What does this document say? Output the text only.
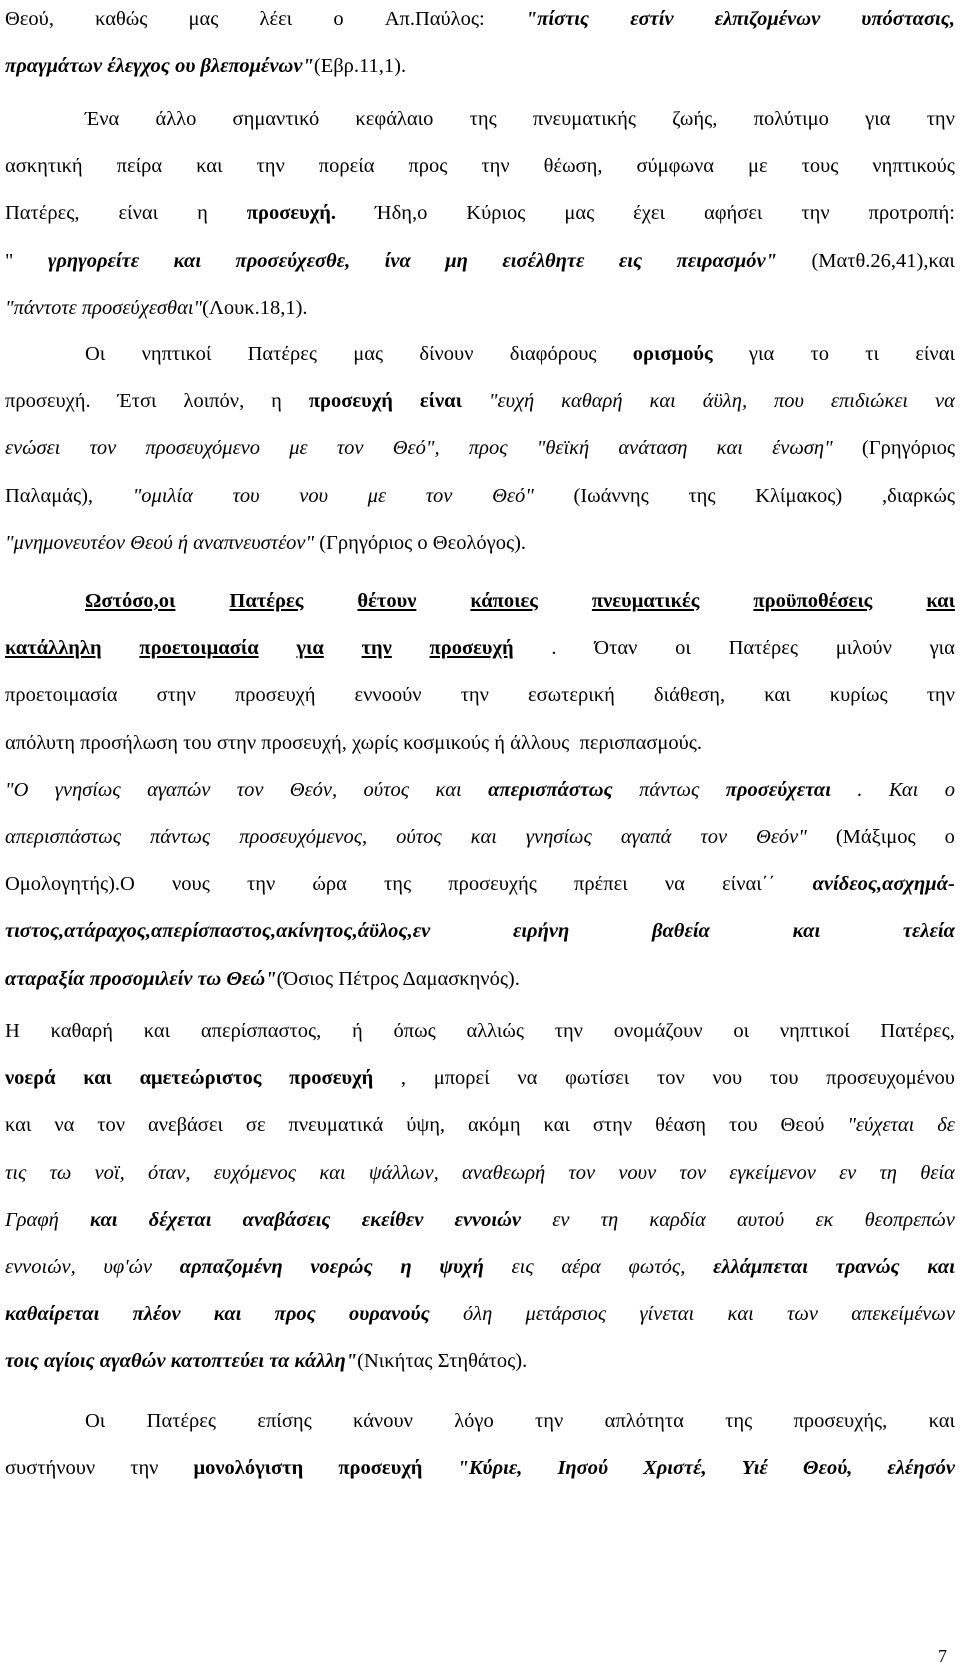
Θεού, καθώς μας λέει ο Απ.Παύλος: "πίστις εστίν ελπιζομένων υπόστασις,
πραγμάτων έλεγχος ου βλεπομένων" (Εβρ.11,1).
Ένα άλλο σημαντικό κεφάλαιο της πνευματικής ζωής, πολύτιμο για την
ασκητική πείρα και την πορεία προς την θέωση, σύμφωνα με τους νηπτικούς
Πατέρες, είναι η προσευχή. Ήδη,ο Κύριος μας έχει αφήσει την προτροπή:
" γρηγορείτε και προσεύχεσθε, ίνα μη εισέλθητε εις πειρασμόν" (Ματθ.26,41),και
"πάντοτε προσεύχεσθαι" (Λουκ.18,1).
Οι νηπτικοί Πατέρες μας δίνουν διαφόρους ορισμούς για το τι είναι
προσευχή. Έτσι λοιπόν, η προσευχή είναι "ευχή καθαρή και άϋλη, που επιδιώκει να
ενώσει τον προσευχόμενο με τον Θεό", προς "θεϊκή ανάταση και ένωση" (Γρηγόριος
Παλαμάς), "ομιλία του νου με τον Θεό" (Ιωάννης της Κλίμακος) ,διαρκώς
"μνημονευτέον Θεού ή αναπνευστέον" (Γρηγόριος ο Θεολόγος).
Ωστόσο,οι	Πατέρες	θέτουν	κάποιες	πνευματικές	προϋποθέσεις	και
κατάλληλη προετοιμασία για την προσευχή . Όταν οι Πατέρες μιλούν για
προετοιμασία στην προσευχή εννοούν την εσωτερική διάθεση, και κυρίως την
απόλυτη προσήλωση του στην προσευχή, χωρίς κοσμικούς ή άλλους  περισπασμούς.
"Ο γνησίως αγαπών τον Θεόν, ούτος και απερισπάστως πάντως προσεύχεται . Και ο
απερισπάστως πάντως προσευχόμενος, ούτος και γνησίως αγαπά τον Θεόν" (Μάξιμος ο
Ομολογητής).Ο νους την ώρα της προσευχής πρέπει να είναι΄΄ ανίδεος,ασχημά-
τιστος,ατάραχος,απερίσπαστος,ακίνητος,άϋλος,εν	ειρήνη	βαθεία	και	τελεία
αταραξία προσομιλείν τω Θεώ" (Όσιος Πέτρος Δαμασκηνός).
Η καθαρή και απερίσπαστος, ή όπως αλλιώς την ονομάζουν οι νηπτικοί Πατέρες,
νοερά και αμετεώριστος προσευχή , μπορεί να φωτίσει τον νου του προσευχομένου
και να τον ανεβάσει σε πνευματικά ύψη, ακόμη και στην θέαση του Θεού "εύχεται δε
τις τω νοϊ, όταν, ευχόμενος και ψάλλων, αναθεωρή τον νουν τον εγκείμενον εν τη θεία
Γραφή και δέχεται αναβάσεις εκείθεν εννοιών εν τη καρδία αυτού εκ θεοπρεπών
εννοιών, υφ'ών αρπαζομένη νοερώς η ψυχή εις αέρα φωτός, ελλάμπεται τρανώς και
καθαίρεται πλέον και προς ουρανούς όλη μετάρσιος γίνεται και των απεκείμένων
τοις αγίοις αγαθών κατοπτεύει τα κάλλη" (Νικήτας Στηθάτος).
Οι Πατέρες επίσης κάνουν λόγο την απλότητα της προσευχής, και
συστήνουν την μονολόγιστη προσευχή "Κύριε, Ιησού Χριστέ, Υιέ Θεού, ελέησόν
7
